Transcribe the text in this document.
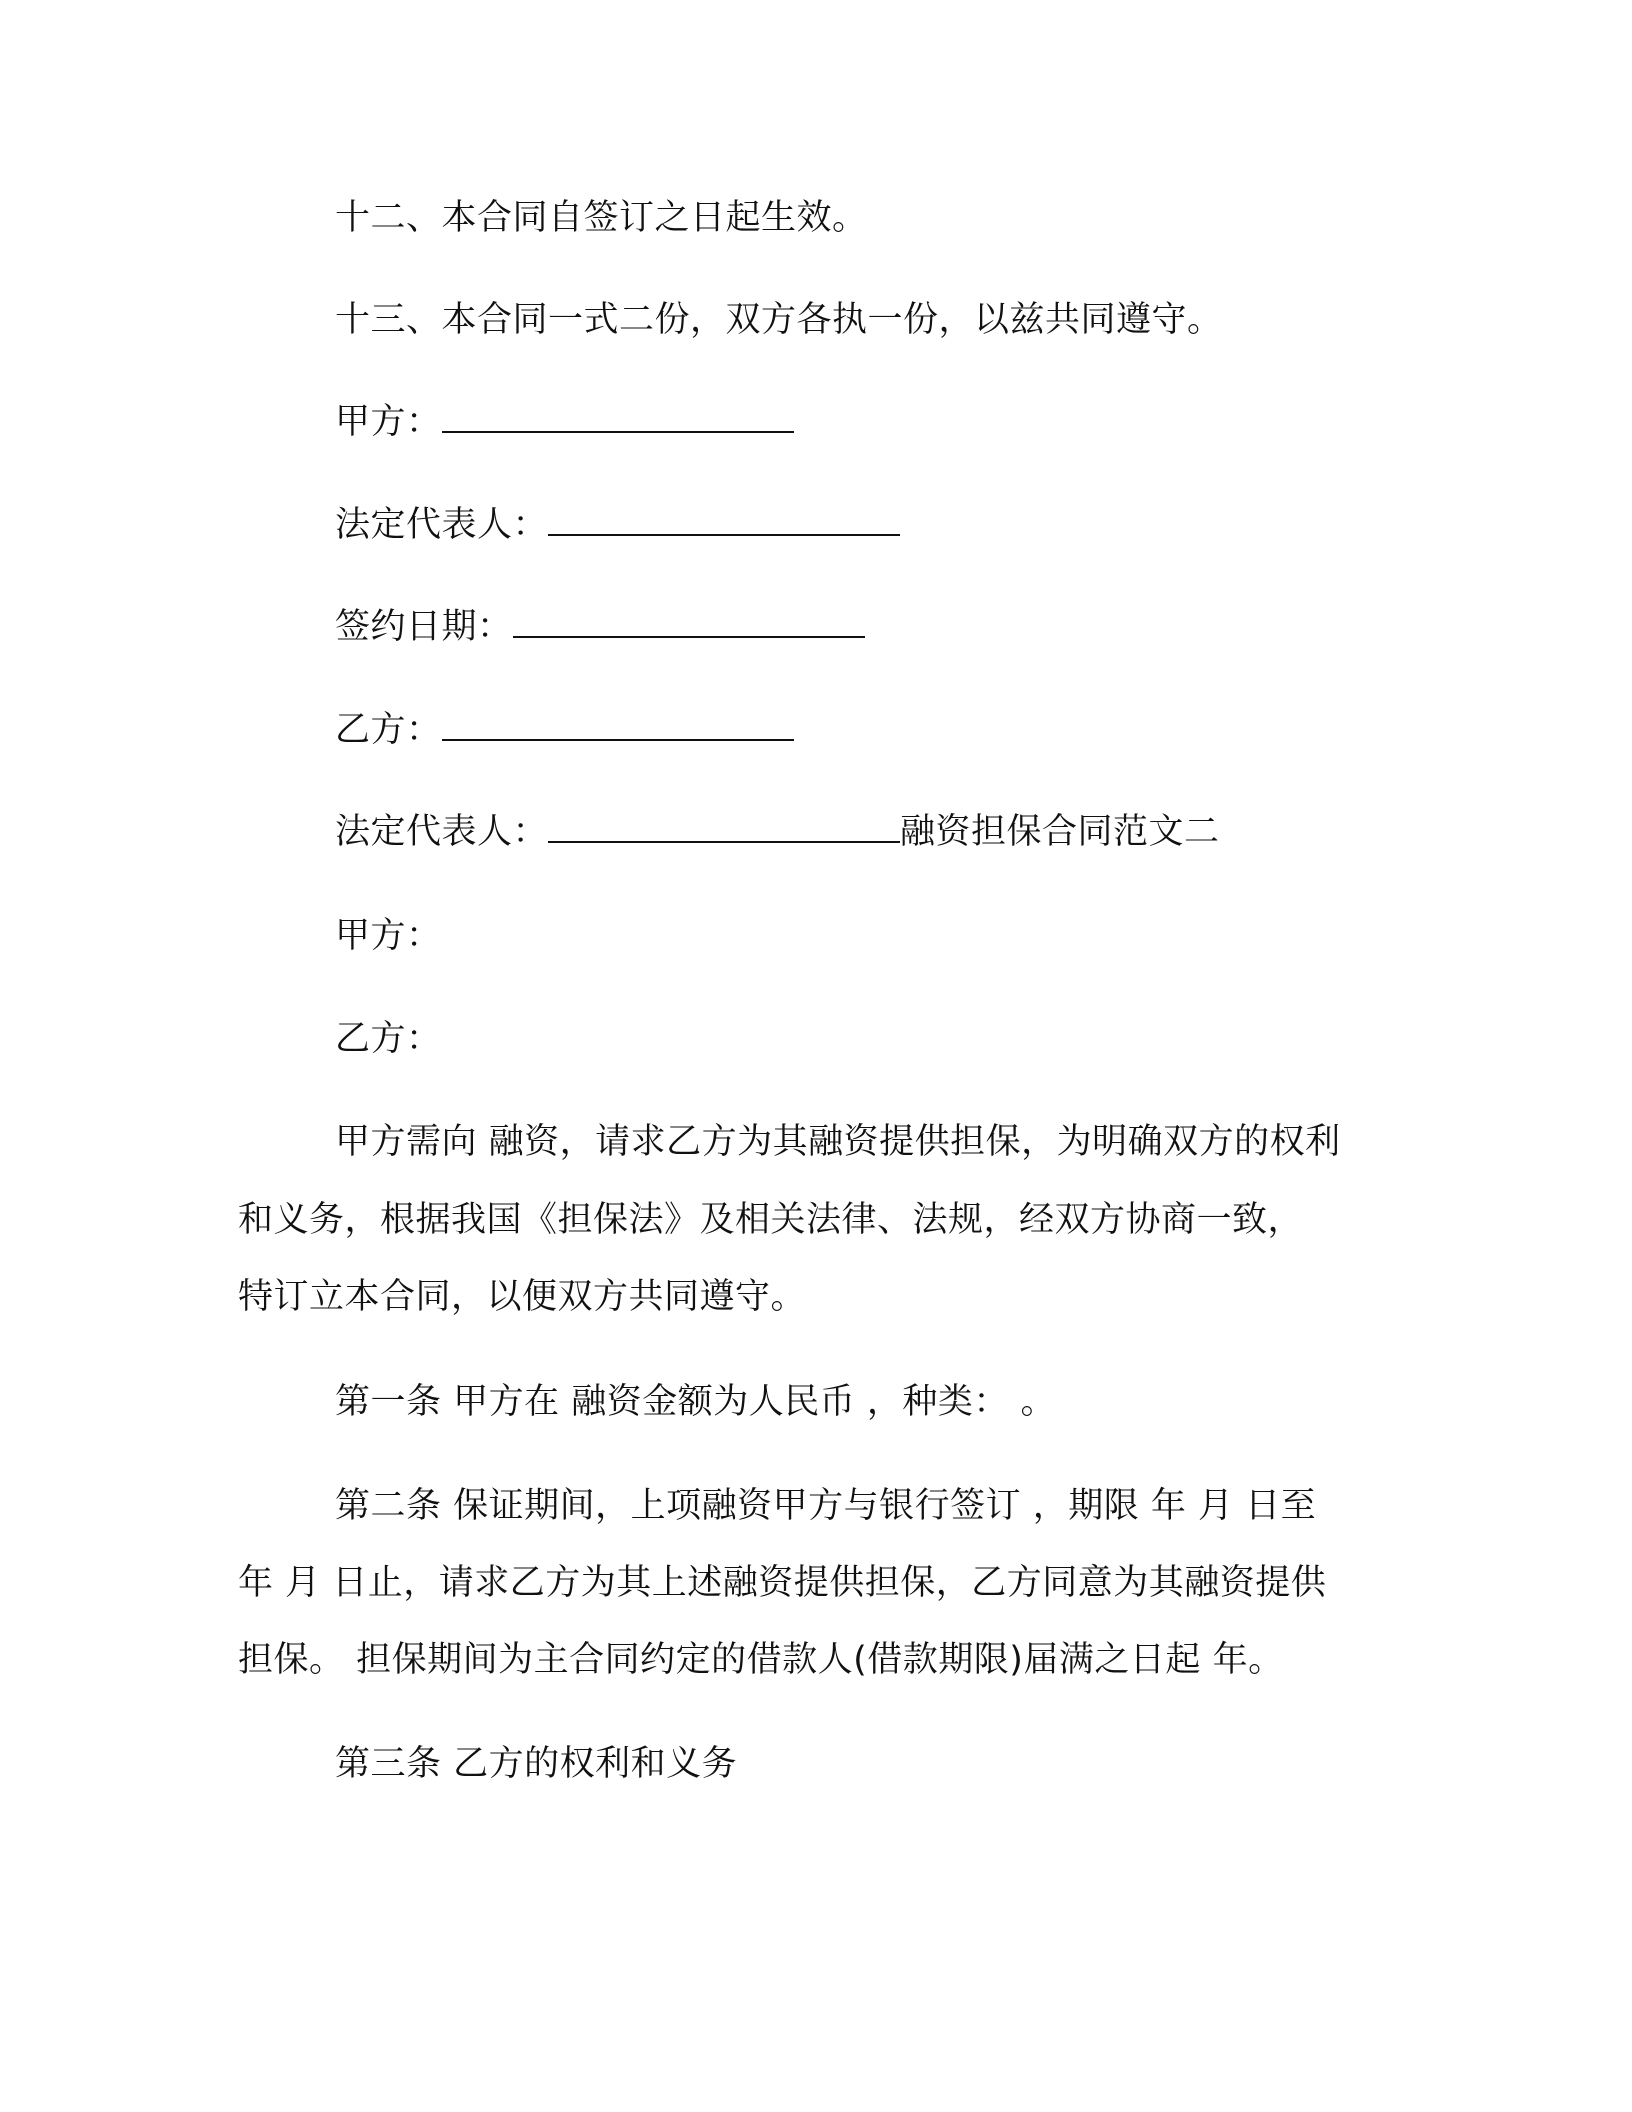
十二、本合同自签订之日起生效。
十三、本合同一式二份，双方各执一份，以兹共同遵守。
甲方：
法定代表人：
签约日期：
乙方：
法定代表人：	融资担保合同范文二
甲方：
乙方：
甲方需向 融资，请求乙方为其融资提供担保，为明确双方的权利
和义务，根据我国《担保法》及相关法律、法规，经双方协商一致，
特订立本合同，以便双方共同遵守。
第一条 甲方在 融资金额为人民币 ，种类： 。
第二条 保证期间，上项融资甲方与银行签订 ，期限 年 月 日至
年 月 日止，请求乙方为其上述融资提供担保，乙方同意为其融资提供
担保。 担保期间为主合同约定的借款人(借款期限)届满之日起 年。
第三条 乙方的权利和义务
